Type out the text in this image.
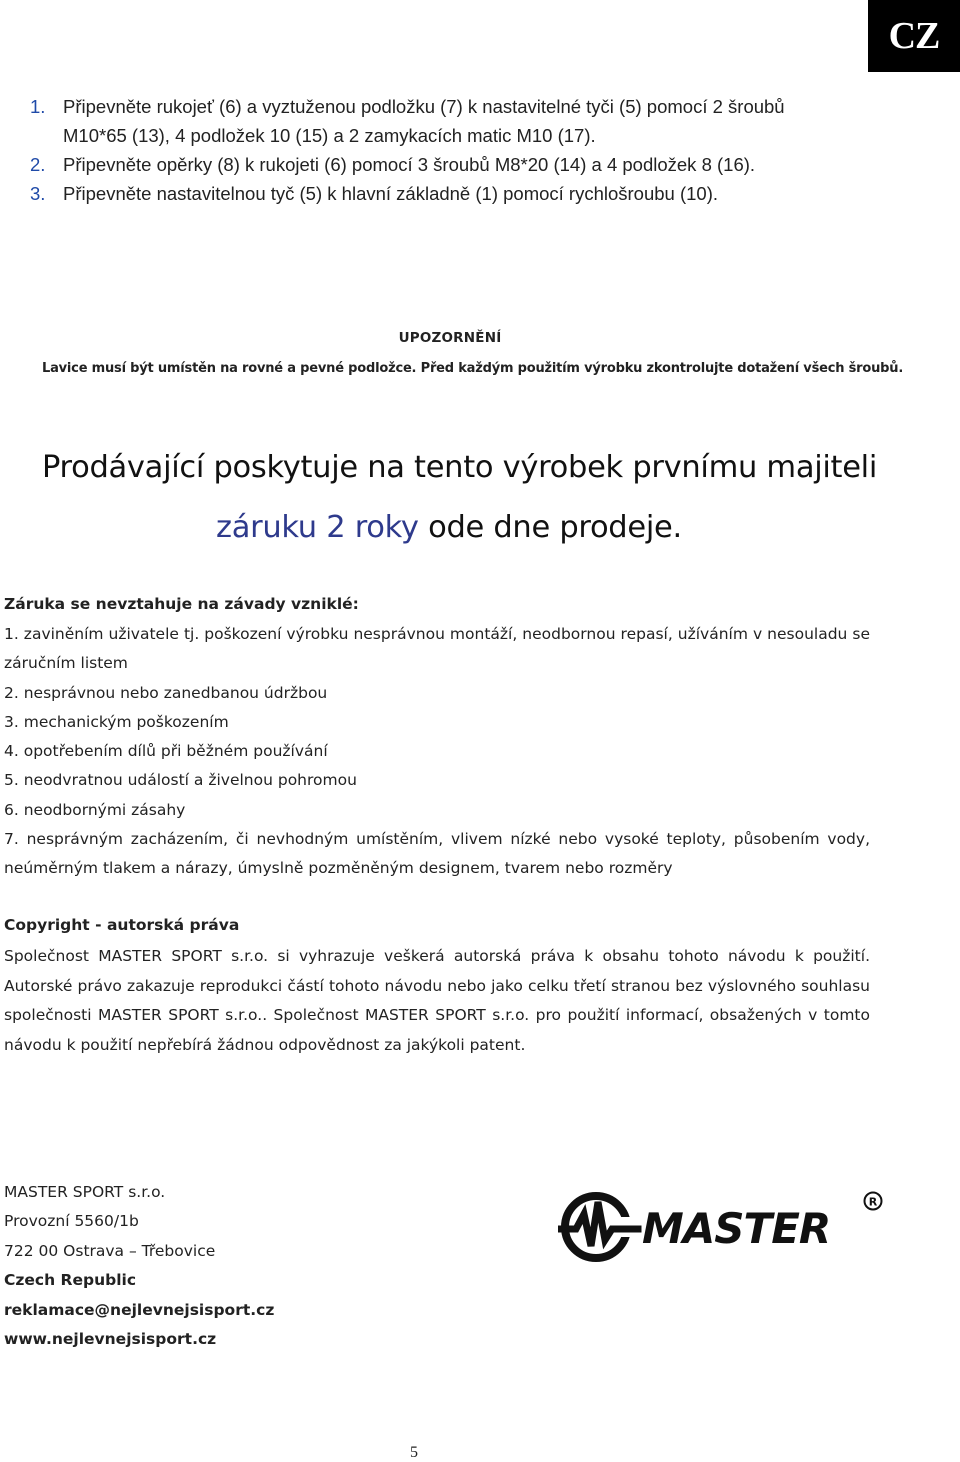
CZ
1. Připevněte rukojeť (6) a vyztuženou podložku (7) k nastavitelné tyči (5) pomocí 2 šroubů M10*65 (13), 4 podložek 10 (15) a 2 zamykacích matic M10 (17).
2. Připevněte opěrky (8) k rukojeti (6) pomocí 3 šroubů M8*20 (14) a 4 podložek 8 (16).
3. Připevněte nastavitelnou tyč (5) k hlavní základně (1) pomocí rychlošroubu (10).
UPOZORNĚNÍ
Lavice musí být umístěn na rovné a pevné podložce. Před každým použitím výrobku zkontrolujte dotažení všech šroubů.
Prodávající poskytuje na tento výrobek prvnímu majiteli
záruku 2 roky ode dne prodeje.
Záruka se nevztahuje na závady vzniklé:
1. zaviněním uživatele tj. poškození výrobku nesprávnou montáží, neodbornou repasí, užíváním v nesouladu se záručním listem
2. nesprávnou nebo zanedbanou údržbou
3. mechanickým poškozením
4. opotřebením dílů při běžném používání
5. neodvratnou událostí a živelnou pohromou
6. neodbornými zásahy
7. nesprávným zacházením, či nevhodným umístěním, vlivem nízké nebo vysoké teploty, působením vody, neúměrným tlakem a nárazy, úmyslně pozměněným designem, tvarem nebo rozměry
Copyright - autorská práva

Společnost MASTER SPORT s.r.o. si vyhrazuje veškerá autorská práva k obsahu tohoto návodu k použití. Autorské právo zakazuje reprodukci částí tohoto návodu nebo jako celku třetí stranou bez výslovného souhlasu společnosti MASTER SPORT s.r.o.. Společnost MASTER SPORT s.r.o. pro použití informací, obsažených v tomto návodu k použití nepřebírá žádnou odpovědnost za jakýkoli patent.

MASTER SPORT s.r.o.
Provozní 5560/1b
722 00 Ostrava – Třebovice
Czech Republic
reklamace@nejlevnejsisport.cz
www.nejlevnejsisport.cz
MASTER
R
5
